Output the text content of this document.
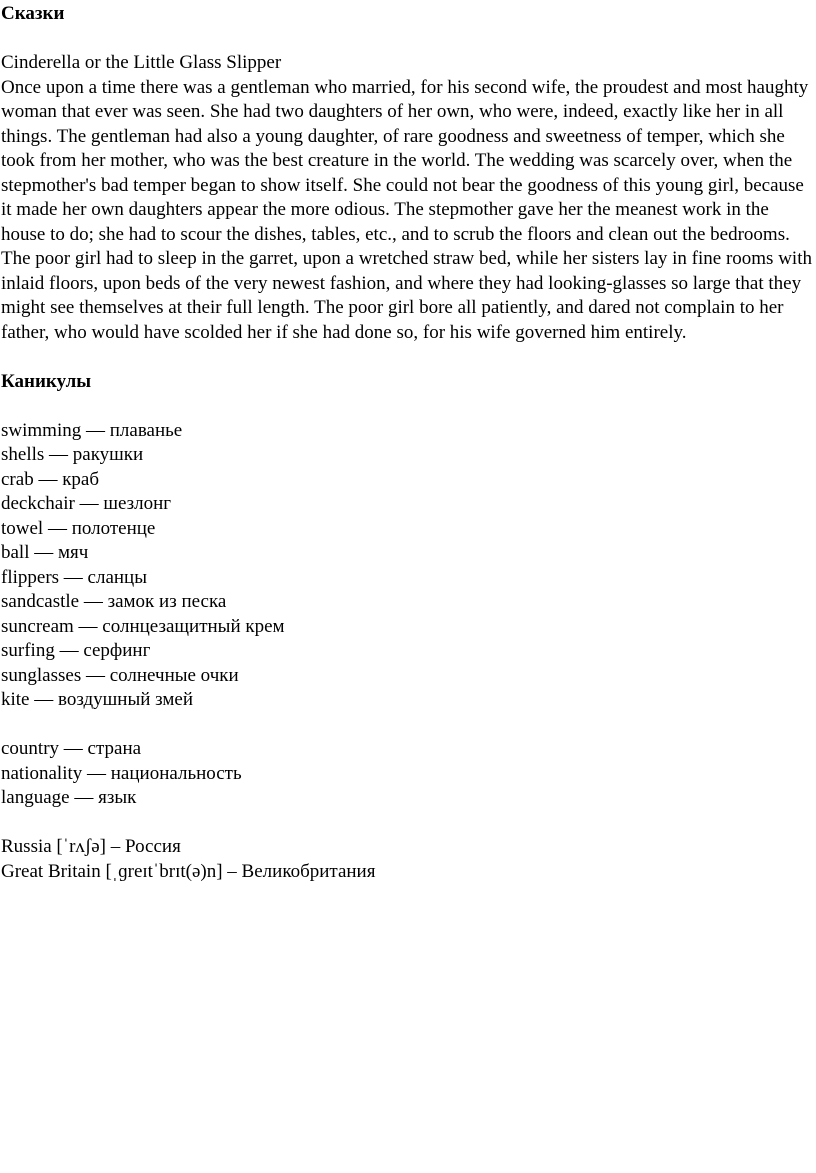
Сказки

Cinderella or the Little Glass Slipper

Once upon a time there was a gentleman who married, for his second wife, the proudest and most haughty woman that ever was seen. She had two daughters of her own, who were, indeed, exactly like her in all things. The gentleman had also a young daughter, of rare goodness and sweetness of temper, which she took from her mother, who was the best creature in the world. The wedding was scarcely over, when the stepmother's bad temper began to show itself. She could not bear the goodness of this young girl, because it made her own daughters appear the more odious. The stepmother gave her the meanest work in the house to do; she had to scour the dishes, tables, etc., and to scrub the floors and clean out the bedrooms. The poor girl had to sleep in the garret, upon a wretched straw bed, while her sisters lay in fine rooms with inlaid floors, upon beds of the very newest fashion, and where they had looking-glasses so large that they might see themselves at their full length. The poor girl bore all patiently, and dared not complain to her father, who would have scolded her if she had done so, for his wife governed him entirely.

Каникулы

swimming — плаванье
shells — ракушки
crab — краб
deckchair — шезлонг
towel — полотенце
ball — мяч
flippers — сланцы
sandcastle — замок из песка
suncream — солнцезащитный крем
surfing — серфинг
sunglasses — солнечные очки
kite — воздушный змей
country — страна
nationality — национальность
language — язык
Russia [ˈrʌʃə] – Россия
Great Britain [ˌɡreɪtˈbrɪt(ə)n] – Великобритания
